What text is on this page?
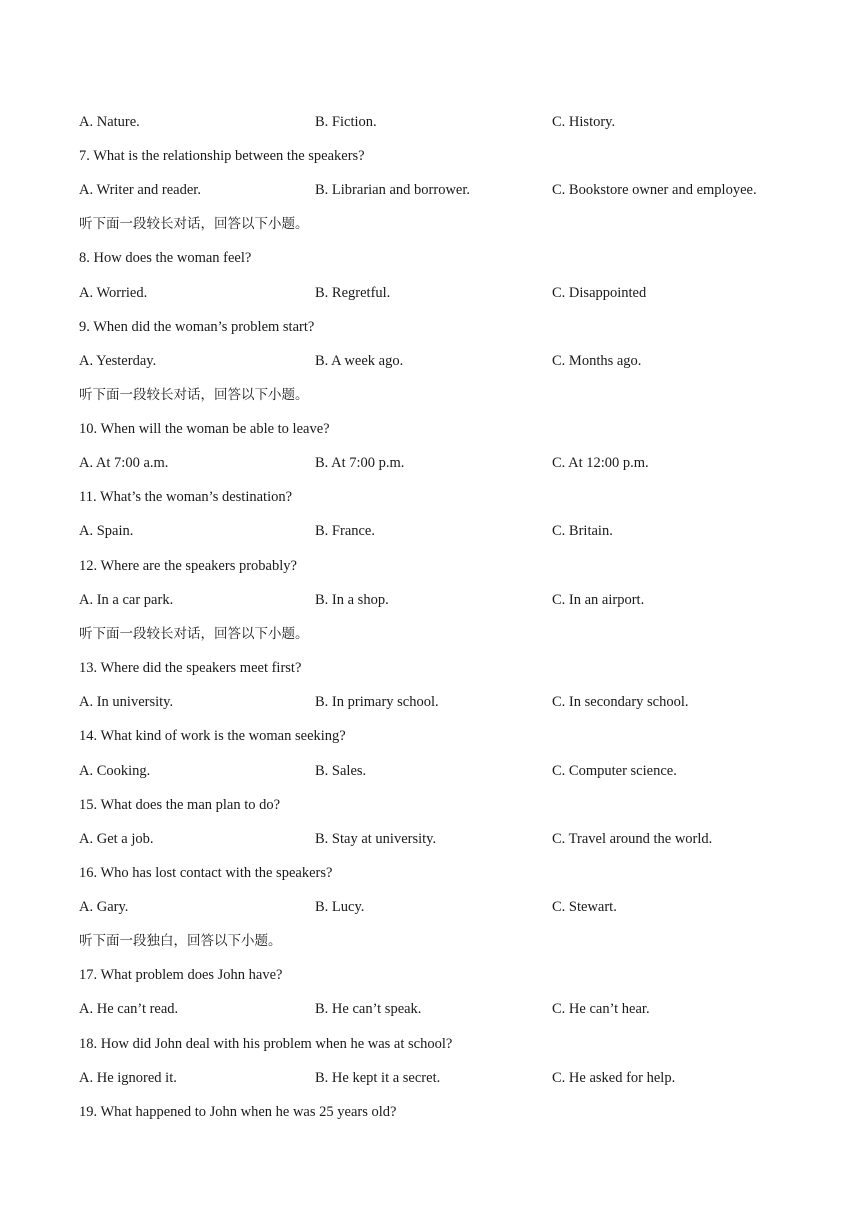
A. Nature.	B. Fiction.	C. History.
7. What is the relationship between the speakers?
A. Writer and reader.	B. Librarian and borrower.	C. Bookstore owner and employee.
听下面一段较长对话，回答以下小题。
8. How does the woman feel?
A. Worried.	B. Regretful.	C. Disappointed
9. When did the woman’s problem start?
A. Yesterday.	B. A week ago.	C. Months ago.
听下面一段较长对话，回答以下小题。
10. When will the woman be able to leave?
A. At 7:00 a.m.	B. At 7:00 p.m.	C. At 12:00 p.m.
11. What’s the woman’s destination?
A. Spain.	B. France.	C. Britain.
12. Where are the speakers probably?
A. In a car park.	B. In a shop.	C. In an airport.
听下面一段较长对话，回答以下小题。
13. Where did the speakers meet first?
A. In university.	B. In primary school.	C. In secondary school.
14. What kind of work is the woman seeking?
A. Cooking.	B. Sales.	C. Computer science.
15. What does the man plan to do?
A. Get a job.	B. Stay at university.	C. Travel around the world.
16. Who has lost contact with the speakers?
A. Gary.	B. Lucy.	C. Stewart.
听下面一段独白，回答以下小题。
17. What problem does John have?
A. He can’t read.	B. He can’t speak.	C. He can’t hear.
18. How did John deal with his problem when he was at school?
A. He ignored it.	B. He kept it a secret.	C. He asked for help.
19. What happened to John when he was 25 years old?
